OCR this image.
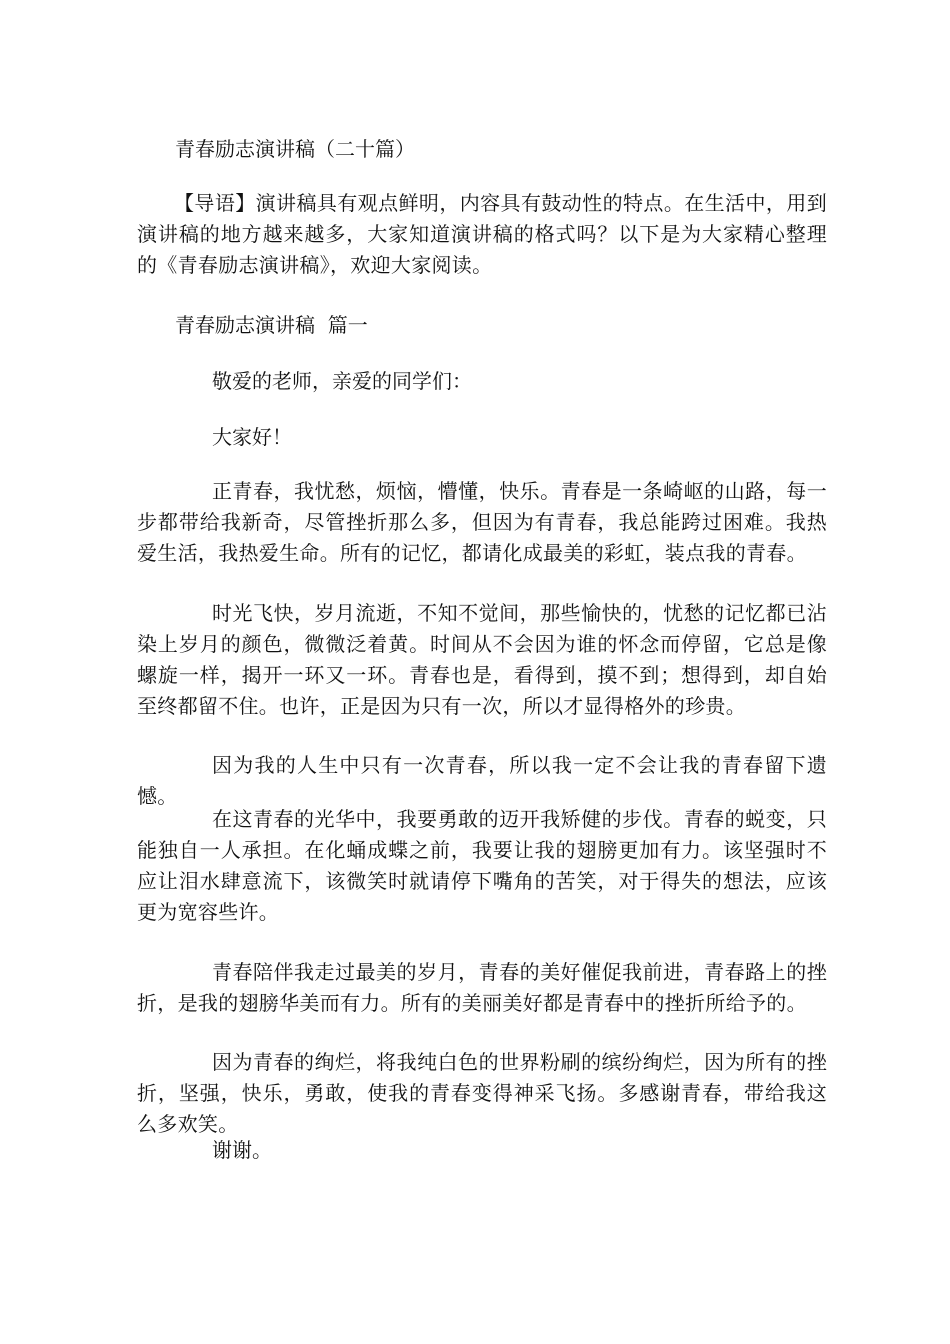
青春励志演讲稿（二十篇）

【导语】演讲稿具有观点鲜明，内容具有鼓动性的特点。在生活中，用到演讲稿的地方越来越多，大家知道演讲稿的格式吗？以下是为大家精心整理的《青春励志演讲稿》，欢迎大家阅读。

青春励志演讲稿  篇一

敬爱的老师，亲爱的同学们：

大家好！

正青春，我忧愁，烦恼，懵懂，快乐。青春是一条崎岖的山路，每一步都带给我新奇，尽管挫折那么多，但因为有青春，我总能跨过困难。我热爱生活，我热爱生命。所有的记忆，都请化成最美的彩虹，装点我的青春。

时光飞快，岁月流逝，不知不觉间，那些愉快的，忧愁的记忆都已沾染上岁月的颜色，微微泛着黄。时间从不会因为谁的怀念而停留，它总是像螺旋一样，揭开一环又一环。青春也是，看得到，摸不到；想得到，却自始至终都留不住。也许，正是因为只有一次，所以才显得格外的珍贵。

因为我的人生中只有一次青春，所以我一定不会让我的青春留下遗憾。

在这青春的光华中，我要勇敢的迈开我矫健的步伐。青春的蜕变，只能独自一人承担。在化蛹成蝶之前，我要让我的翅膀更加有力。该坚强时不应让泪水肆意流下，该微笑时就请停下嘴角的苦笑，对于得失的想法，应该更为宽容些许。

青春陪伴我走过最美的岁月，青春的美好催促我前进，青春路上的挫折，是我的翅膀华美而有力。所有的美丽美好都是青春中的挫折所给予的。

因为青春的绚烂，将我纯白色的世界粉刷的缤纷绚烂，因为所有的挫折，坚强，快乐，勇敢，使我的青春变得神采飞扬。多感谢青春，带给我这么多欢笑。

谢谢。
